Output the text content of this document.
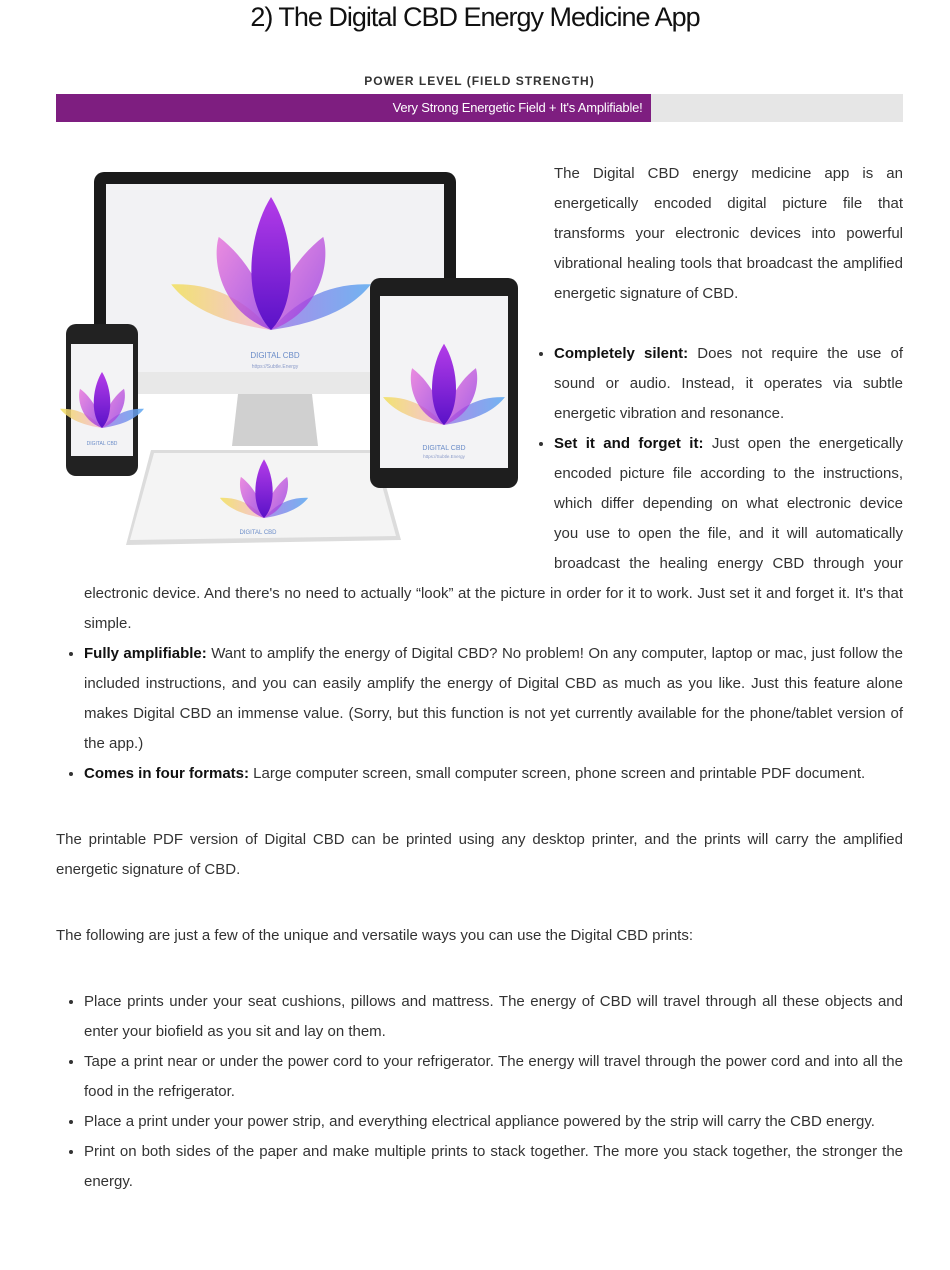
2) The Digital CBD Energy Medicine App
POWER LEVEL (FIELD STRENGTH)
Very Strong Energetic Field + It's Amplifiable!
DIGITAL CBD
DIGITAL CBD
https://Subtle.Energy
DIGITAL CBD
https://Subtle.Energy
DIGITAL CBD

The Digital CBD energy medicine app is an energetically encoded digital picture file that transforms your electronic devices into powerful vibrational healing tools that broadcast the amplified energetic signature of CBD.

• Completely silent: Does not require the use of sound or audio. Instead, it operates via subtle energetic vibration and resonance.
• Set it and forget it: Just open the energetically encoded picture file according to the instructions, which differ depending on what electronic device you use to open the file, and it will automatically broadcast the healing energy CBD through your electronic device. And there's no need to actually “look” at the picture in order for it to work. Just set it and forget it. It's that simple.
• Fully amplifiable: Want to amplify the energy of Digital CBD? No problem! On any computer, laptop or mac, just follow the included instructions, and you can easily amplify the energy of Digital CBD as much as you like. Just this feature alone makes Digital CBD an immense value. (Sorry, but this function is not yet currently available for the phone/tablet version of the app.)
• Comes in four formats: Large computer screen, small computer screen, phone screen and printable PDF document.

The printable PDF version of Digital CBD can be printed using any desktop printer, and the prints will carry the amplified energetic signature of CBD.

The following are just a few of the unique and versatile ways you can use the Digital CBD prints:

• Place prints under your seat cushions, pillows and mattress. The energy of CBD will travel through all these objects and enter your biofield as you sit and lay on them.
• Tape a print near or under the power cord to your refrigerator. The energy will travel through the power cord and into all the food in the refrigerator.
• Place a print under your power strip, and everything electrical appliance powered by the strip will carry the CBD energy.
• Print on both sides of the paper and make multiple prints to stack together. The more you stack together, the stronger the energy.
